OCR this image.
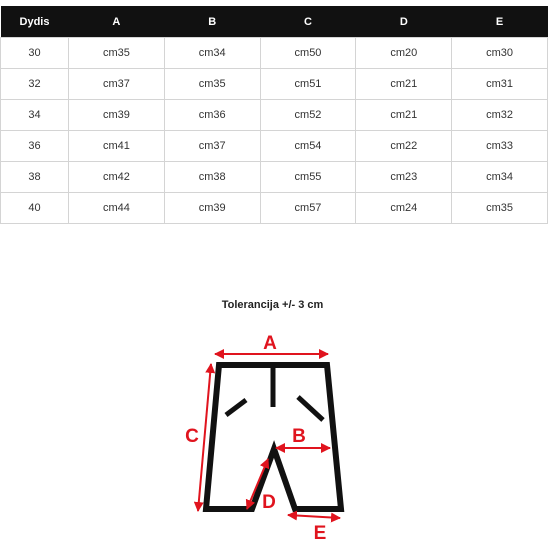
Dydis	A	B	C	D	E
30	cm35	cm34	cm50	cm20	cm30
32	cm37	cm35	cm51	cm21	cm31
34	cm39	cm36	cm52	cm21	cm32
36	cm41	cm37	cm54	cm22	cm33
38	cm42	cm38	cm55	cm23	cm34
40	cm44	cm39	cm57	cm24	cm35
Tolerancija +/- 3 cm
A
B
C
D
E
